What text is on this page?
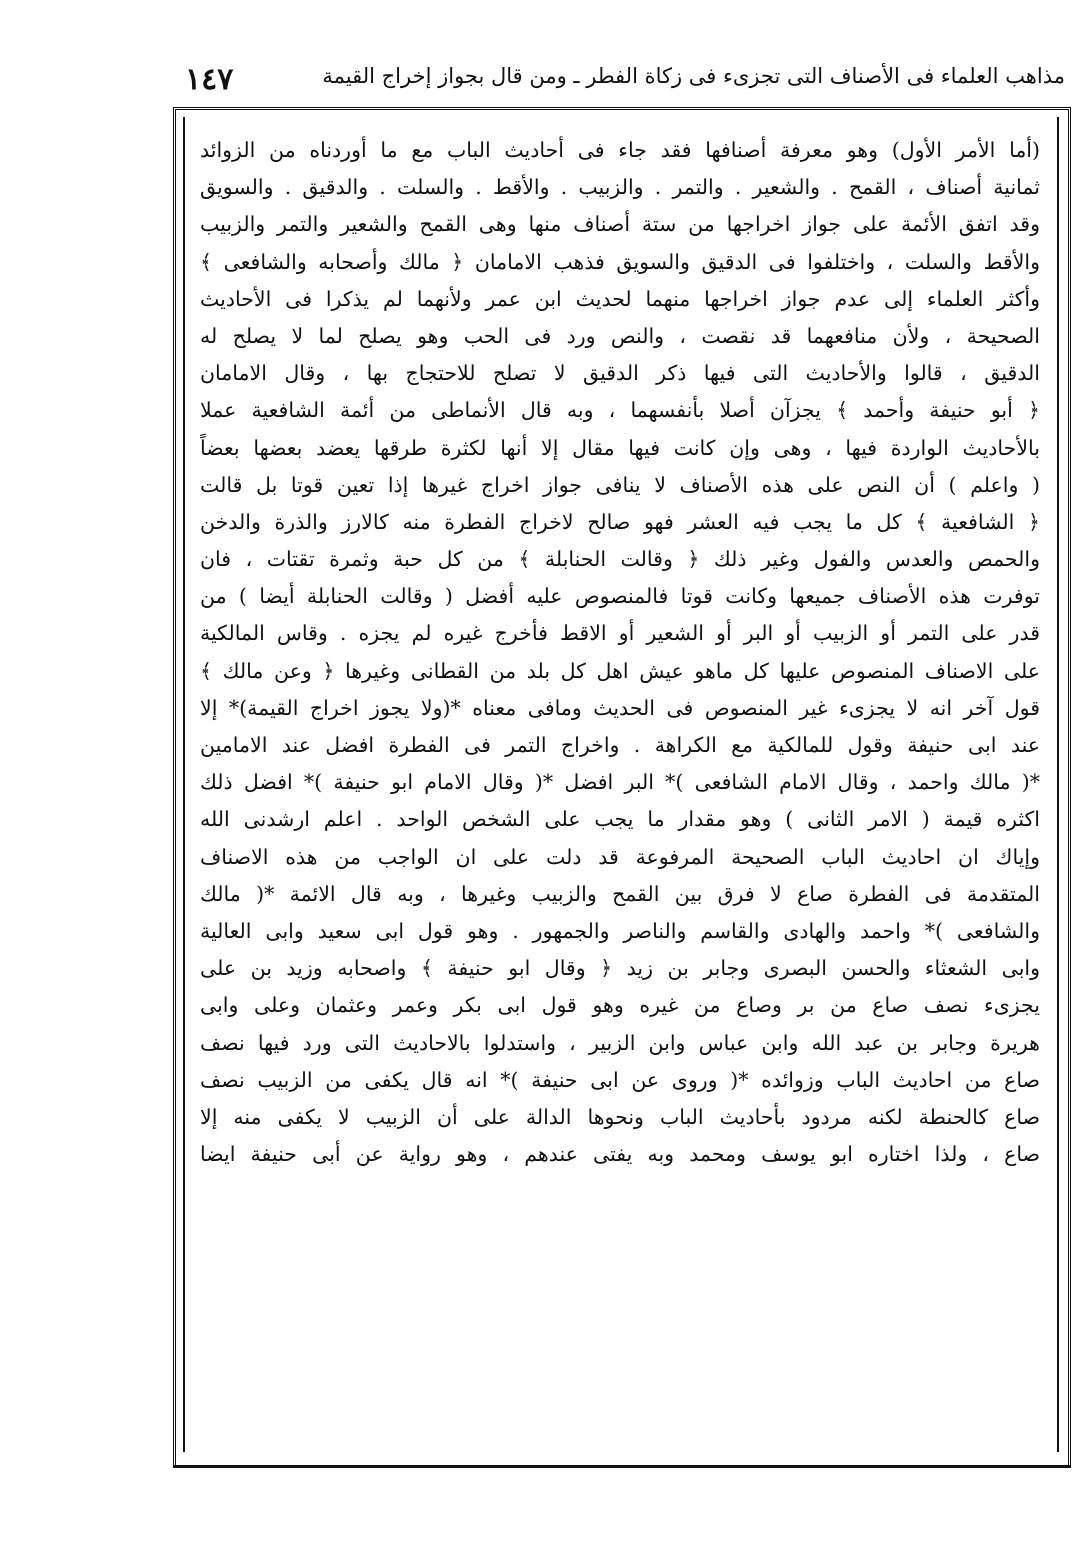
مذاهب العلماء فى الأصناف التى تجزىء فى زكاة الفطر ـ ومن قال بجواز إخراج القيمة
١٤٧
(أما الأمر الأول) وهو معرفة أصنافها فقد جاء فى أحاديث الباب مع ما أوردناه من الزوائد
ثمانية أصناف ، القمح . والشعير . والتمر . والزبيب . والأقط . والسلت . والدقيق . والسويق
وقد اتفق الأئمة على جواز اخراجها من ستة أصناف منها وهى القمح والشعير والتمر والزبيب
والأقط والسلت ، واختلفوا فى الدقيق والسويق فذهب الامامان ﴿ مالك وأصحابه والشافعى ﴾
وأكثر العلماء إلى عدم جواز اخراجها منهما لحديث ابن عمر ولأنهما لم يذكرا فى الأحاديث
الصحيحة ، ولأن منافعهما قد نقصت ، والنص ورد فى الحب وهو يصلح لما لا يصلح له
الدقيق ، قالوا والأحاديث التى فيها ذكر الدقيق لا تصلح للاحتجاج بها ، وقال الامامان
﴿ أبو حنيفة وأحمد ﴾ يجزآن أصلا بأنفسهما ، وبه قال الأنماطى من أئمة الشافعية عملا
بالأحاديث الواردة فيها ، وهى وإن كانت فيها مقال إلا أنها لكثرة طرقها يعضد بعضها بعضاً
( واعلم ) أن النص على هذه الأصناف لا ينافى جواز اخراج غيرها إذا تعين قوتا بل قالت
﴿ الشافعية ﴾ كل ما يجب فيه العشر فهو صالح لاخراج الفطرة منه كالارز والذرة والدخن
والحمص والعدس والفول وغير ذلك ﴿ وقالت الحنابلة ﴾ من كل حبة وثمرة تقتات ، فان
توفرت هذه الأصناف جميعها وكانت قوتا فالمنصوص عليه أفضل ( وقالت الحنابلة أيضا ) من
قدر على التمر أو الزبيب أو البر أو الشعير أو الاقط فأخرج غيره لم يجزه . وقاس المالكية
على الاصناف المنصوص عليها كل ماهو عيش اهل كل بلد من القطانى وغيرها ﴿ وعن مالك ﴾
قول آخر انه لا يجزىء غير المنصوص فى الحديث ومافى معناه *(ولا يجوز اخراج القيمة)* إلا
عند ابى حنيفة وقول للمالكية مع الكراهة . واخراج التمر فى الفطرة افضل عند الامامين
*( مالك واحمد ، وقال الامام الشافعى )* البر افضل *( وقال الامام ابو حنيفة )* افضل ذلك
اكثره قيمة ( الامر الثانى ) وهو مقدار ما يجب على الشخص الواحد . اعلم ارشدنى الله
وإياك ان احاديث الباب الصحيحة المرفوعة قد دلت على ان الواجب من هذه الاصناف
المتقدمة فى الفطرة صاع لا فرق بين القمح والزبيب وغيرها ، وبه قال الائمة *( مالك
والشافعى )* واحمد والهادى والقاسم والناصر والجمهور . وهو قول ابى سعيد وابى العالية
وابى الشعثاء والحسن البصرى وجابر بن زيد ﴿ وقال ابو حنيفة ﴾ واصحابه وزيد بن على
يجزىء نصف صاع من بر وصاع من غيره وهو قول ابى بكر وعمر وعثمان وعلى وابى
هريرة وجابر بن عبد الله وابن عباس وابن الزبير ، واستدلوا بالاحاديث التى ورد فيها نصف
صاع من احاديث الباب وزوائده *( وروى عن ابى حنيفة )* انه قال يكفى من الزبيب نصف
صاع كالحنطة لكنه مردود بأحاديث الباب ونحوها الدالة على أن الزبيب لا يكفى منه إلا
صاع ، ولذا اختاره ابو يوسف ومحمد وبه يفتى عندهم ، وهو رواية عن أبى حنيفة ايضا
